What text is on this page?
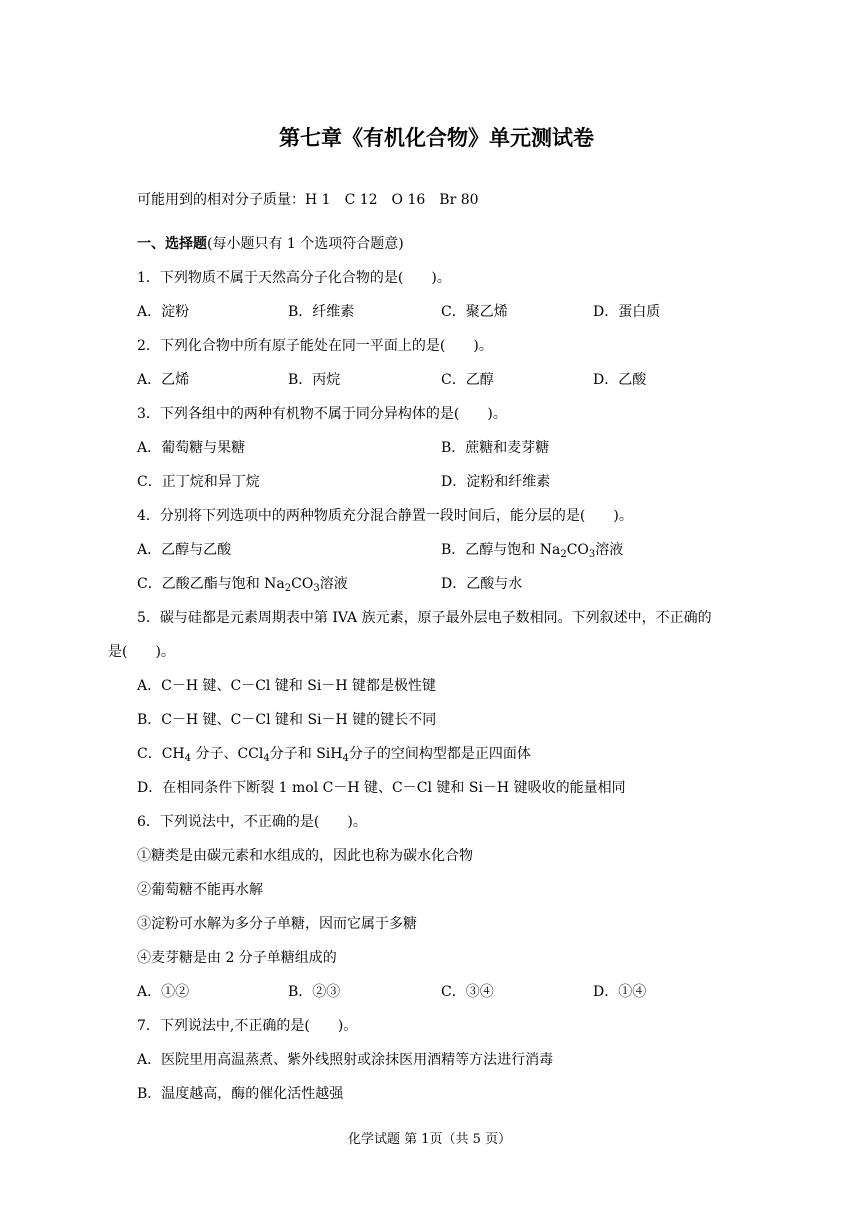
第七章《有机化合物》单元测试卷
可能用到的相对分子质量：H 1　C 12　O 16　Br 80
一、选择题(每小题只有 1 个选项符合题意)
1．下列物质不属于天然高分子化合物的是(　　)。
A．淀粉	B．纤维素	C．聚乙烯	D．蛋白质
2．下列化合物中所有原子能处在同一平面上的是(　　)。
A．乙烯	B．丙烷	C．乙醇	D．乙酸
3．下列各组中的两种有机物不属于同分异构体的是(　　)。
A．葡萄糖与果糖	B．蔗糖和麦芽糖
C．正丁烷和异丁烷	D．淀粉和纤维素
4．分别将下列选项中的两种物质充分混合静置一段时间后，能分层的是(　　)。
A．乙醇与乙酸	B．乙醇与饱和 $Na_2CO_3$溶液
C．乙酸乙酯与饱和 $Na_2CO_3$溶液	D．乙酸与水
5．碳与硅都是元素周期表中第 IVA 族元素，原子最外层电子数相同。下列叙述中，不正确的
是(　　)。
A．C－H 键、C－Cl 键和 Si－H 键都是极性键
B．C－H 键、C－Cl 键和 Si－H 键的键长不同
C．$CH_4$ 分子、CCl$_4$分子和 SiH$_4$分子的空间构型都是正四面体
D．在相同条件下断裂 1 mol C－H 键、C－Cl 键和 Si－H 键吸收的能量相同
6．下列说法中，不正确的是(　　)。
①糖类是由碳元素和水组成的，因此也称为碳水化合物
②葡萄糖不能再水解
③淀粉可水解为多分子单糖，因而它属于多糖
④麦芽糖是由 2 分子单糖组成的
A．①②	B．②③	C．③④	D．①④
7．下列说法中,不正确的是(　　)。
A．医院里用高温蒸煮、紫外线照射或涂抹医用酒精等方法进行消毒
B．温度越高，酶的催化活性越强
化学试题 第 1页（共 5 页）
